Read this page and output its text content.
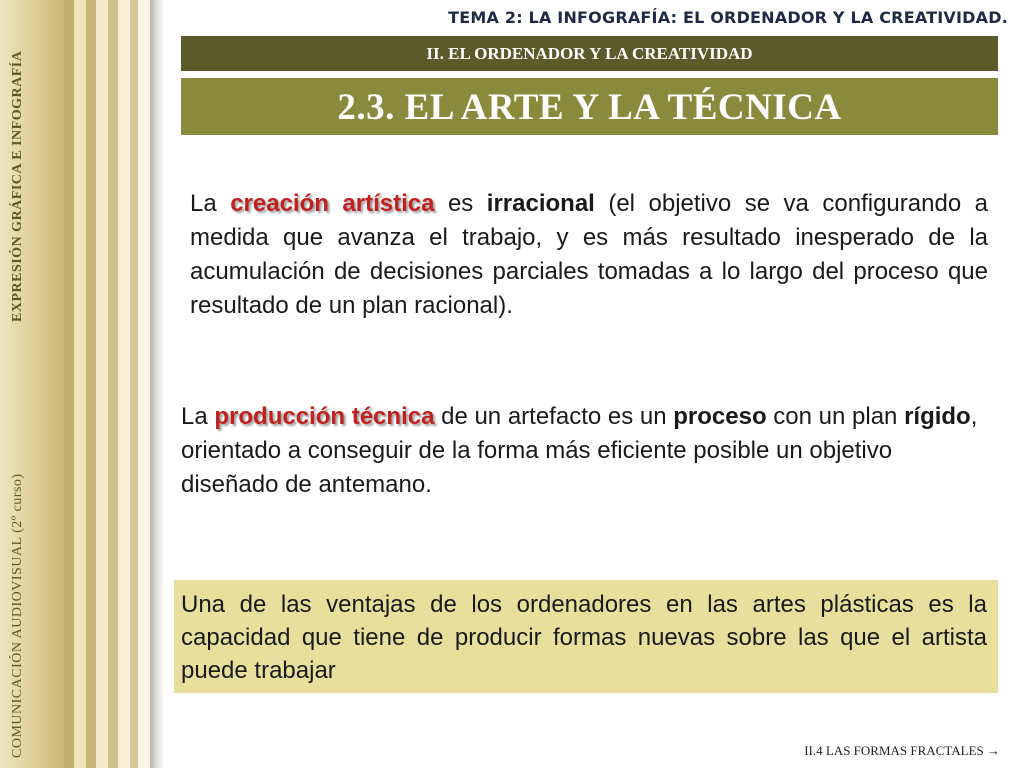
EXPRESIÓN GRÁFICA E INFOGRAFÍA
COMUNICACIÓN AUDIOVISUAL (2º curso)
TEMA 2: LA INFOGRAFÍA: EL ORDENADOR Y LA CREATIVIDAD.
II. EL ORDENADOR Y LA CREATIVIDAD
2.3. EL ARTE Y LA TÉCNICA
La creación artística es irracional (el objetivo se va configurando a medida que avanza el trabajo, y es más resultado inesperado de la acumulación de decisiones parciales tomadas a lo largo del proceso que resultado de un plan racional).
La producción técnica de un artefacto es un proceso con un plan rígido, orientado a conseguir de la forma más eficiente posible un objetivo diseñado de antemano.
Una de las ventajas de los ordenadores en las artes plásticas es la capacidad que tiene de producir formas nuevas sobre las que el artista puede trabajar
II.4 LAS FORMAS FRACTALES →
